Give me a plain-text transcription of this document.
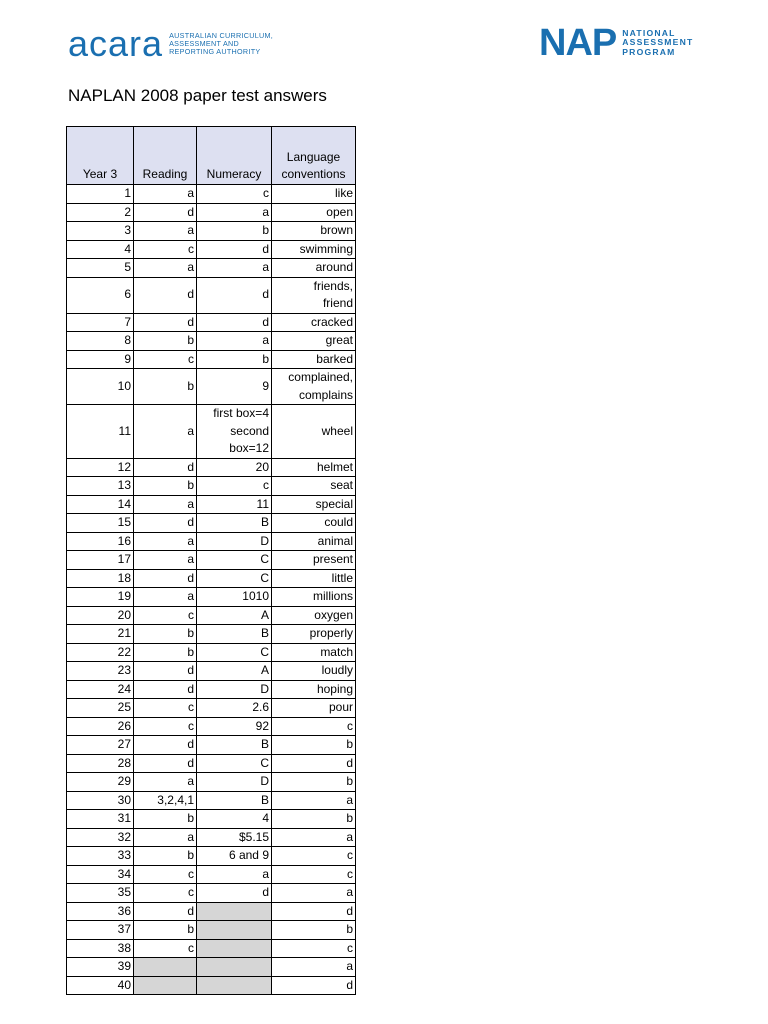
acara AUSTRALIAN CURRICULUM,
ASSESSMENT AND
REPORTING AUTHORITY	NAP NATIONAL
ASSESSMENT
PROGRAM
NAPLAN 2008 paper test answers
Year 3	Reading	Numeracy	Language
conventions
1	a	c	like
2	d	a	open
3	a	b	brown
4	c	d	swimming
5	a	a	around
6	d	d	friends,
friend

7	d	d	cracked
8	b	a	great
9	c	b	barked
10	b	9	complained,
complains

11	a	first box=4
second
box=12	wheel
12	d	20	helmet
13	b	c	seat
14	a	11	special
15	d	B	could
16	a	D	animal
17	a	C	present
18	d	C	little
19	a	1010	millions
20	c	A	oxygen
21	b	B	properly
22	b	C	match
23	d	A	loudly
24	d	D	hoping
25	c	2.6	pour
26	c	92	c
27	d	B	b
28	d	C	d
29	a	D	b
30	3,2,4,1	B	a
31	b	4	b
32	a	$5.15	a
33	b	6 and 9	c
34	c	a	c
35	c	d	a
36	d		d
37	b		b
38	c		c
39			a
40			d
